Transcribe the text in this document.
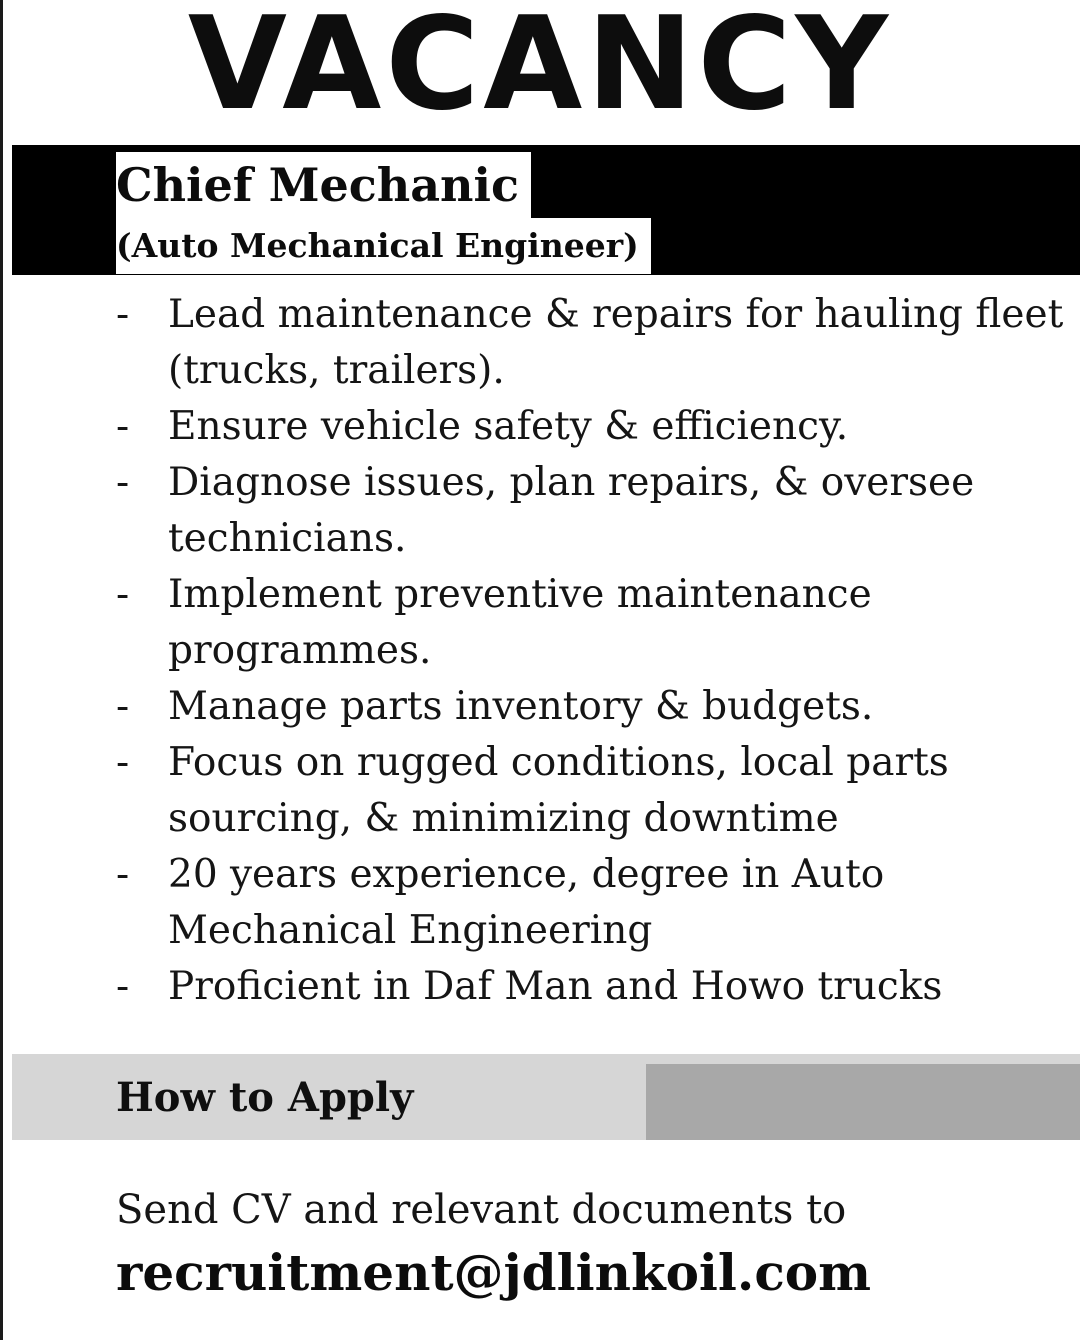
VACANCY
Chief Mechanic
(Auto Mechanical Engineer)
- Lead maintenance & repairs for hauling fleet (trucks, trailers).
- Ensure vehicle safety & efficiency.
- Diagnose issues, plan repairs, & oversee technicians.
- Implement preventive maintenance programmes.
- Manage parts inventory & budgets.
- Focus on rugged conditions, local parts sourcing, & minimizing downtime
- 20 years experience, degree in Auto Mechanical Engineering
- Proficient in Daf Man and Howo trucks
How to Apply
Send CV and relevant documents to
recruitment@jdlinkoil.com
